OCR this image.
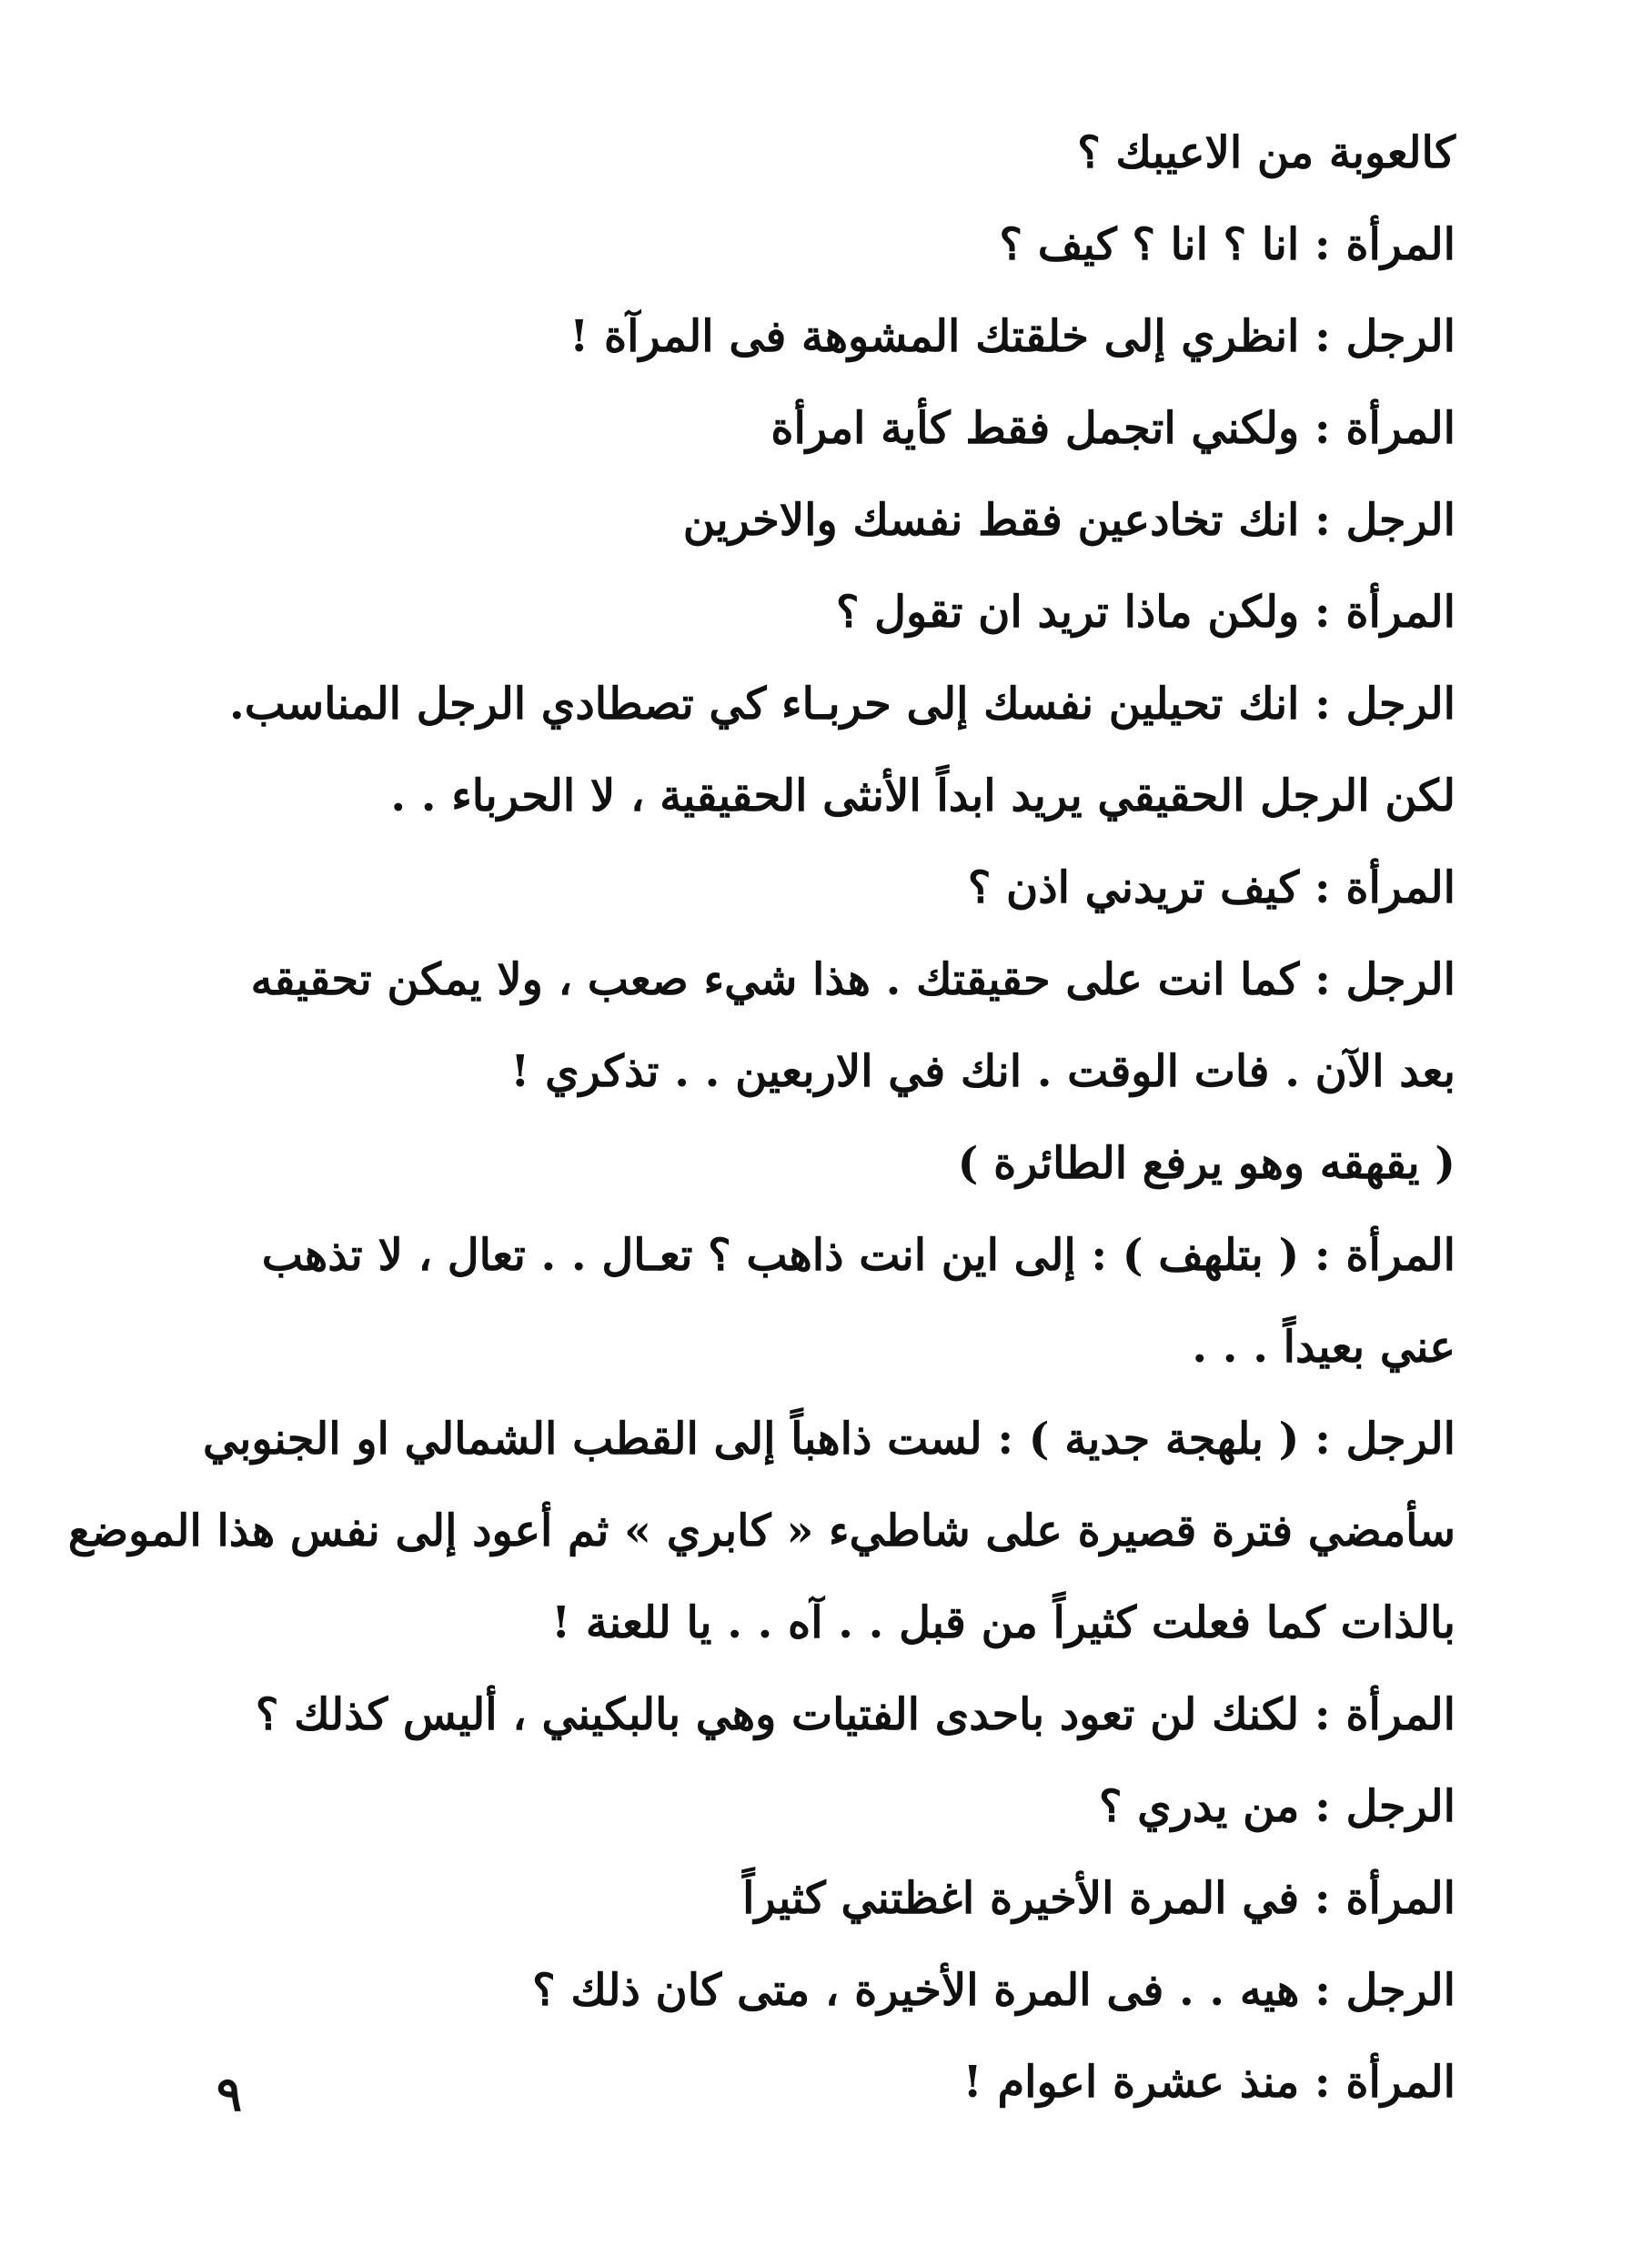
كالعوبة من الاعيبك ؟
المرأة : انا ؟ انا ؟ كيف ؟
الرجل : انظري إلى خلقتك المشوهة فى المرآة !
المرأة : ولكني اتجمل فقط كأية امرأة
الرجل : انك تخادعين فقط نفسك والاخرين
المرأة : ولكن ماذا تريد ان تقول ؟
الرجل : انك تحيلين نفسك إلى حربـاء كي تصطادي الرجل المناسب.
لكن الرجل الحقيقي يريد ابداً الأنثى الحقيقية ، لا الحرباء . .
المرأة : كيف تريدني اذن ؟
الرجل : كما انت على حقيقتك . هذا شيء صعب ، ولا يمكن تحقيقه
بعد الآن . فات الوقت . انك في الاربعين . . تذكري !
( يقهقه وهو يرفع الطائرة )
المرأة : ( بتلهف ) : إلى اين انت ذاهب ؟ تعـال . . تعال ، لا تذهب
عني بعيداً . . .
الرجل : ( بلهجة جدية ) : لست ذاهباً إلى القطب الشمالي او الجنوبي
سأمضي فترة قصيرة على شاطيء « كابري » ثم أعود إلى نفس هذا الموضع
بالذات كما فعلت كثيراً من قبل . . آه . . يا للعنة !
المرأة : لكنك لن تعود باحدى الفتيات وهي بالبكيني ، أليس كذلك ؟
الرجل : من يدري ؟
المرأة : في المرة الأخيرة اغظتني كثيراً
الرجل : هيه . . فى المرة الأخيرة ، متى كان ذلك ؟
المرأة : منذ عشرة اعوام !
٩
